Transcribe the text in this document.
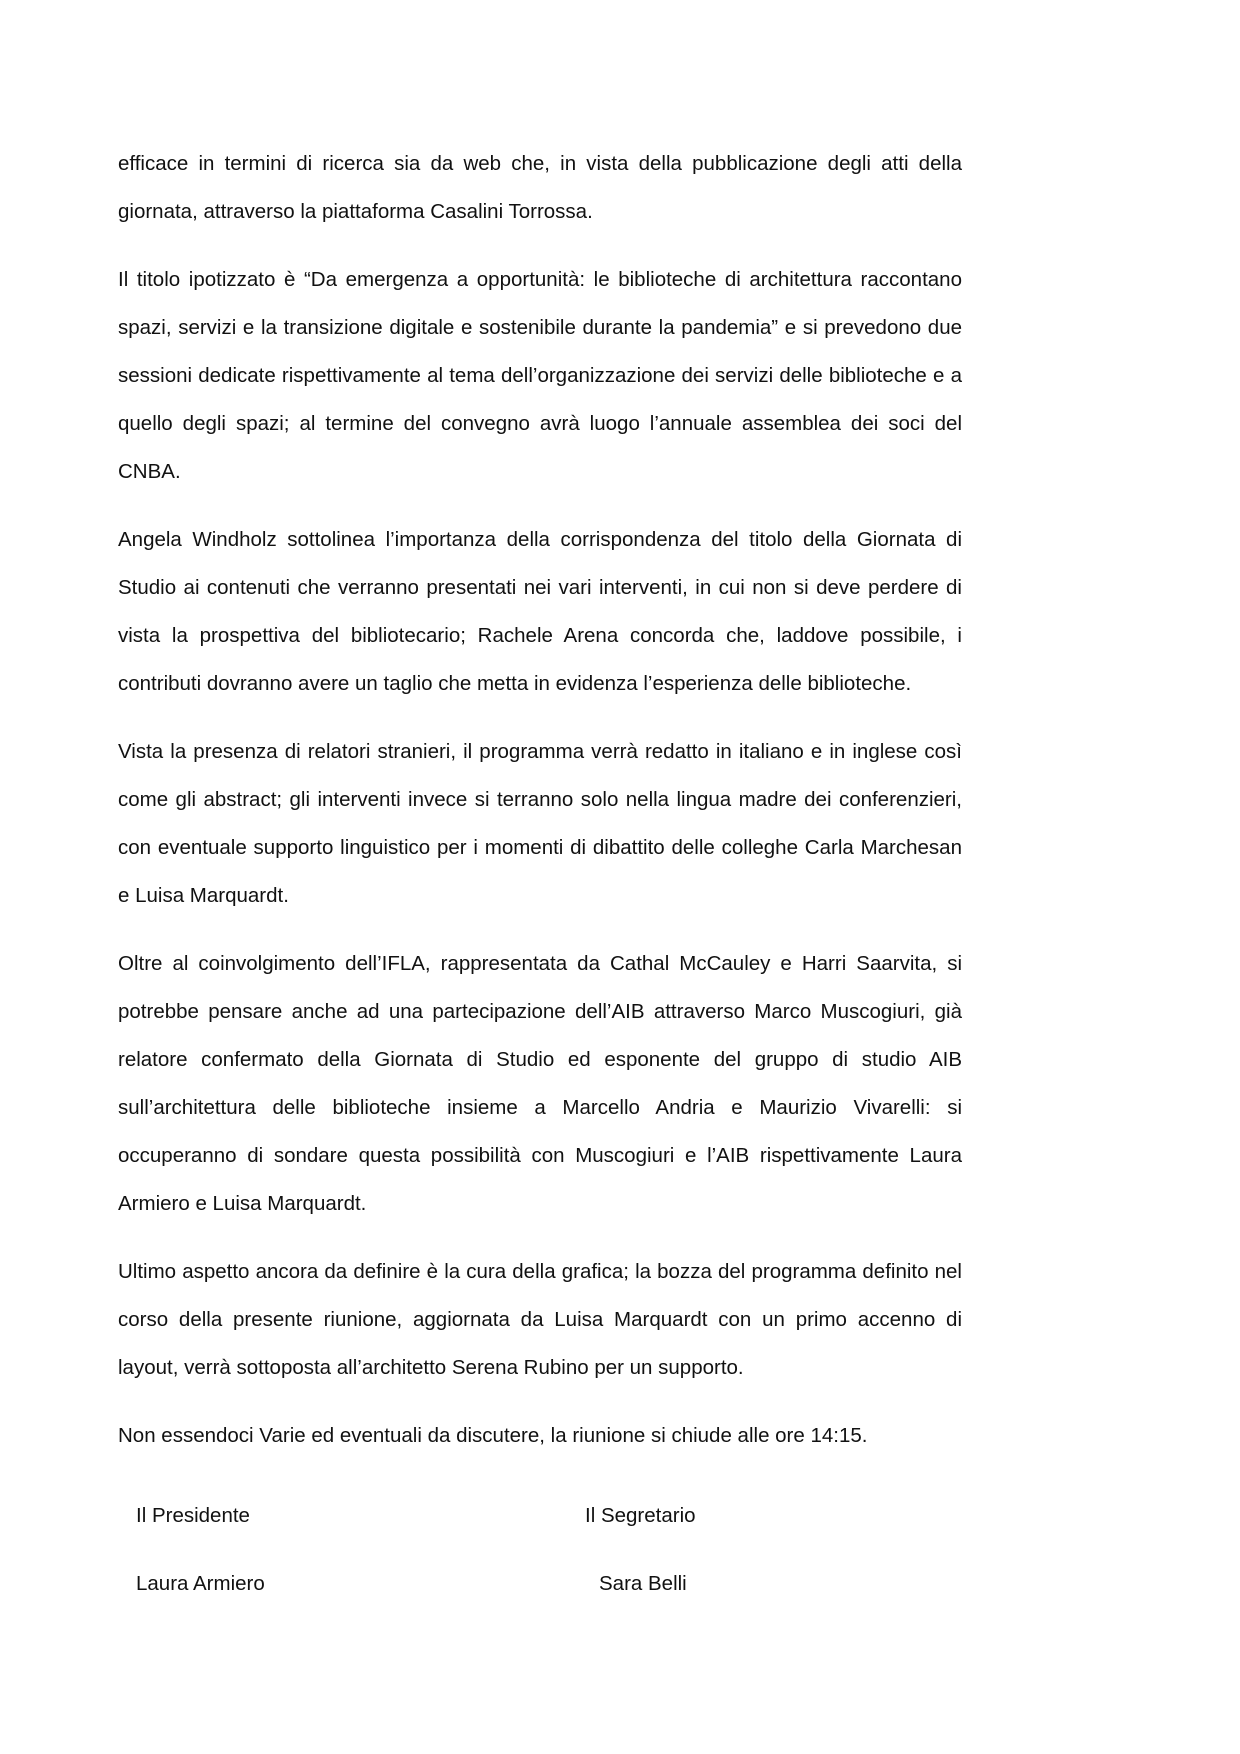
efficace in termini di ricerca sia da web che, in vista della pubblicazione degli atti della giornata, attraverso la piattaforma Casalini Torrossa.

Il titolo ipotizzato è “Da emergenza a opportunità: le biblioteche di architettura raccontano spazi, servizi e la transizione digitale e sostenibile durante la pandemia” e si prevedono due sessioni dedicate rispettivamente al tema dell’organizzazione dei servizi delle biblioteche e a quello degli spazi; al termine del convegno avrà luogo l’annuale assemblea dei soci del CNBA.

Angela Windholz sottolinea l’importanza della corrispondenza del titolo della Giornata di Studio ai contenuti che verranno presentati nei vari interventi, in cui non si deve perdere di vista la prospettiva del bibliotecario; Rachele Arena concorda che, laddove possibile, i contributi dovranno avere un taglio che metta in evidenza l’esperienza delle biblioteche.

Vista la presenza di relatori stranieri, il programma verrà redatto in italiano e in inglese così come gli abstract; gli interventi invece si terranno solo nella lingua madre dei conferenzieri, con eventuale supporto linguistico per i momenti di dibattito delle colleghe Carla Marchesan e Luisa Marquardt.

Oltre al coinvolgimento dell’IFLA, rappresentata da Cathal McCauley e Harri Saarvita, si potrebbe pensare anche ad una partecipazione dell’AIB attraverso Marco Muscogiuri, già relatore confermato della Giornata di Studio ed esponente del gruppo di studio AIB sull’architettura delle biblioteche insieme a Marcello Andria e Maurizio Vivarelli: si occuperanno di sondare questa possibilità con Muscogiuri e l’AIB rispettivamente Laura Armiero e Luisa Marquardt.

Ultimo aspetto ancora da definire è la cura della grafica; la bozza del programma definito nel corso della presente riunione, aggiornata da Luisa Marquardt con un primo accenno di layout, verrà sottoposta all’architetto Serena Rubino per un supporto.

Non essendoci Varie ed eventuali da discutere, la riunione si chiude alle ore 14:15.

Il Presidente	Il Segretario
Laura Armiero	Sara Belli
